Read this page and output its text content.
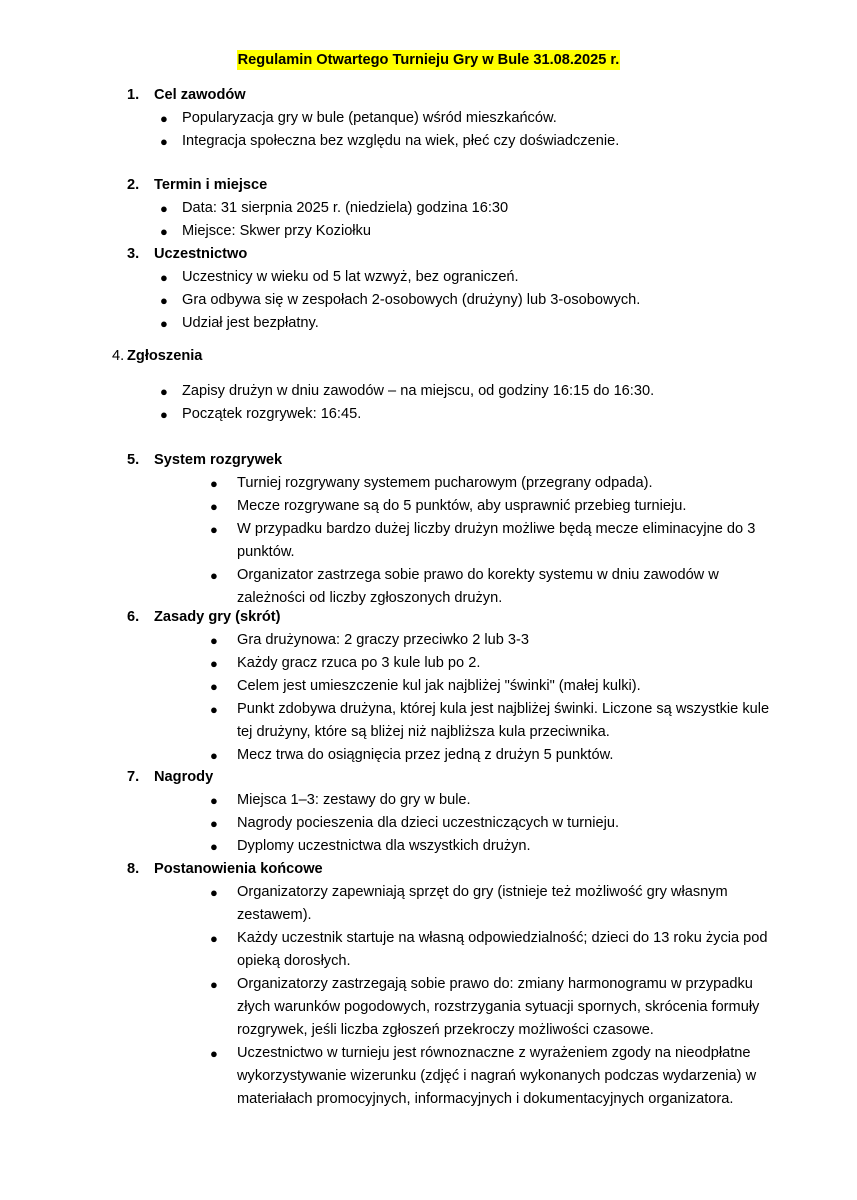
Regulamin Otwartego Turnieju Gry w Bule 31.08.2025 r.
1. Cel zawodów
● Popularyzacja gry w bule (petanque) wśród mieszkańców.
● Integracja społeczna bez względu na wiek, płeć czy doświadczenie.
2. Termin i miejsce
● Data: 31 sierpnia 2025 r. (niedziela) godzina 16:30
● Miejsce: Skwer przy Koziołku
3. Uczestnictwo
● Uczestnicy w wieku od 5 lat wzwyż, bez ograniczeń.
● Gra odbywa się w zespołach 2-osobowych (drużyny) lub 3-osobowych.
● Udział jest bezpłatny.
4. Zgłoszenia
● Zapisy drużyn w dniu zawodów – na miejscu, od godziny 16:15 do 16:30.
● Początek rozgrywek: 16:45.
5. System rozgrywek
● Turniej rozgrywany systemem pucharowym (przegrany odpada).
● Mecze rozgrywane są do 5 punktów, aby usprawnić przebieg turnieju.
● W przypadku bardzo dużej liczby drużyn możliwe będą mecze eliminacyjne do 3 punktów.
● Organizator zastrzega sobie prawo do korekty systemu w dniu zawodów w zależności od liczby zgłoszonych drużyn.
6. Zasady gry (skrót)
● Gra drużynowa: 2 graczy przeciwko 2 lub 3-3
● Każdy gracz rzuca po 3 kule lub po 2.
● Celem jest umieszczenie kul jak najbliżej "świnki" (małej kulki).
● Punkt zdobywa drużyna, której kula jest najbliżej świnki. Liczone są wszystkie kule tej drużyny, które są bliżej niż najbliższa kula przeciwnika.
● Mecz trwa do osiągnięcia przez jedną z drużyn 5 punktów.
7. Nagrody
● Miejsca 1–3: zestawy do gry w bule.
● Nagrody pocieszenia dla dzieci uczestniczących w turnieju.
● Dyplomy uczestnictwa dla wszystkich drużyn.
8. Postanowienia końcowe
● Organizatorzy zapewniają sprzęt do gry (istnieje też możliwość gry własnym zestawem).
● Każdy uczestnik startuje na własną odpowiedzialność; dzieci do 13 roku życia pod opieką dorosłych.
● Organizatorzy zastrzegają sobie prawo do: zmiany harmonogramu w przypadku złych warunków pogodowych, rozstrzygania sytuacji spornych, skrócenia formuły rozgrywek, jeśli liczba zgłoszeń przekroczy możliwości czasowe.
● Uczestnictwo w turnieju jest równoznaczne z wyrażeniem zgody na nieodpłatne wykorzystywanie wizerunku (zdjęć i nagrań wykonanych podczas wydarzenia) w materiałach promocyjnych, informacyjnych i dokumentacyjnych organizatora.
